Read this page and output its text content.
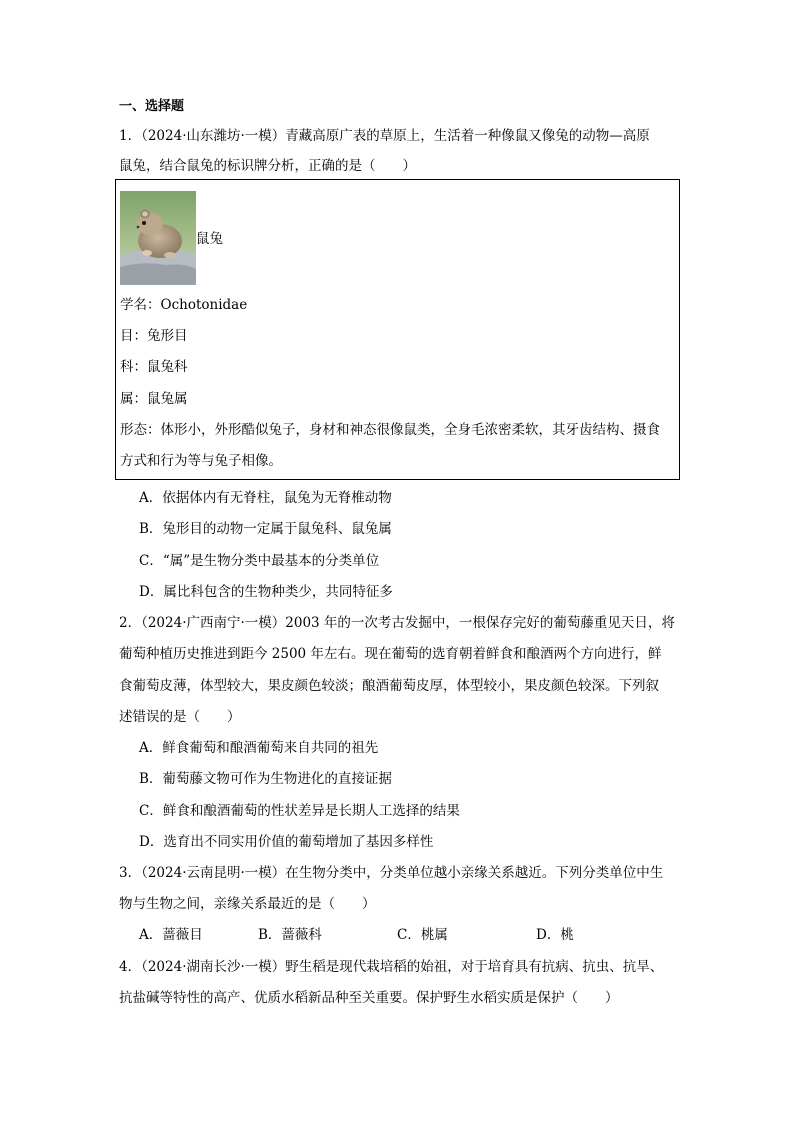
一、选择题
1．（2024·山东潍坊·一模）青藏高原广表的草原上，生活着一种像鼠又像兔的动物—高原
鼠兔，结合鼠兔的标识牌分析，正确的是（　　）
鼠兔
学名：Ochotonidae
目：兔形目
科：鼠兔科
属：鼠兔属
形态：体形小，外形酷似兔子，身材和神态很像鼠类，全身毛浓密柔软，其牙齿结构、摄食
方式和行为等与兔子相像。
A．依据体内有无脊柱，鼠兔为无脊椎动物
B．兔形目的动物一定属于鼠兔科、鼠兔属
C．“属”是生物分类中最基本的分类单位
D．属比科包含的生物种类少，共同特征多
2．（2024·广西南宁·一模）2003 年的一次考古发掘中，一根保存完好的葡萄藤重见天日，将
葡萄种植历史推进到距今 2500 年左右。现在葡萄的选育朝着鲜食和酿酒两个方向进行，鲜
食葡萄皮薄，体型较大，果皮颜色较淡；酿酒葡萄皮厚，体型较小，果皮颜色较深。下列叙
述错误的是（　　）
A．鲜食葡萄和酿酒葡萄来自共同的祖先
B．葡萄藤文物可作为生物进化的直接证据
C．鲜食和酿酒葡萄的性状差异是长期人工选择的结果
D．选育出不同实用价值的葡萄增加了基因多样性
3．（2024·云南昆明·一模）在生物分类中，分类单位越小亲缘关系越近。下列分类单位中生
物与生物之间，亲缘关系最近的是（　　）
A．蔷薇目	B．蔷薇科	C．桃属	D．桃
4．（2024·湖南长沙·一模）野生稻是现代栽培稻的始祖，对于培育具有抗病、抗虫、抗旱、
抗盐碱等特性的高产、优质水稻新品种至关重要。保护野生水稻实质是保护（　　）
